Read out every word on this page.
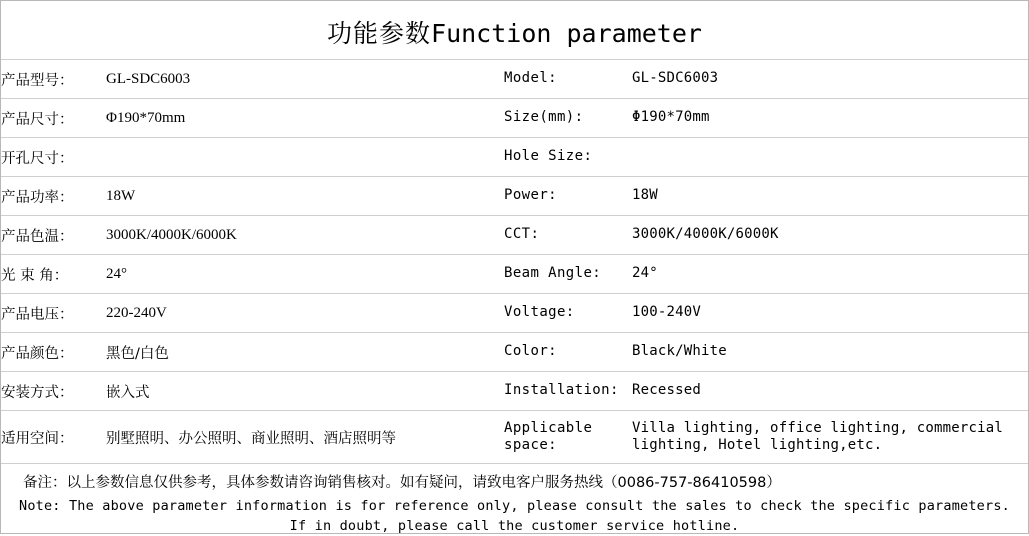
功能参数Function parameter
产品型号：	GL-SDC6003	Model:	GL-SDC6003
产品尺寸：	Φ190*70mm	Size(mm):	Φ190*70mm
开孔尺寸：		Hole Size:	
产品功率：	18W	Power:	18W
产品色温：	3000K/4000K/6000K	CCT:	3000K/4000K/6000K
光 束 角：	24°	Beam Angle:	24°
产品电压：	220-240V	Voltage:	100-240V
产品颜色：	黑色/白色	Color:	Black/White
安装方式：	嵌入式	Installation:	Recessed
适用空间：	别墅照明、办公照明、商业照明、酒店照明等	Applicable space:	Villa lighting, office lighting, commercial lighting, Hotel lighting,etc.
备注：以上参数信息仅供参考，具体参数请咨询销售核对。如有疑问，请致电客户服务热线（0086-757-86410598）
Note: The above parameter information is for reference only, please consult the sales to check the specific parameters.
If in doubt, please call the customer service hotline.
